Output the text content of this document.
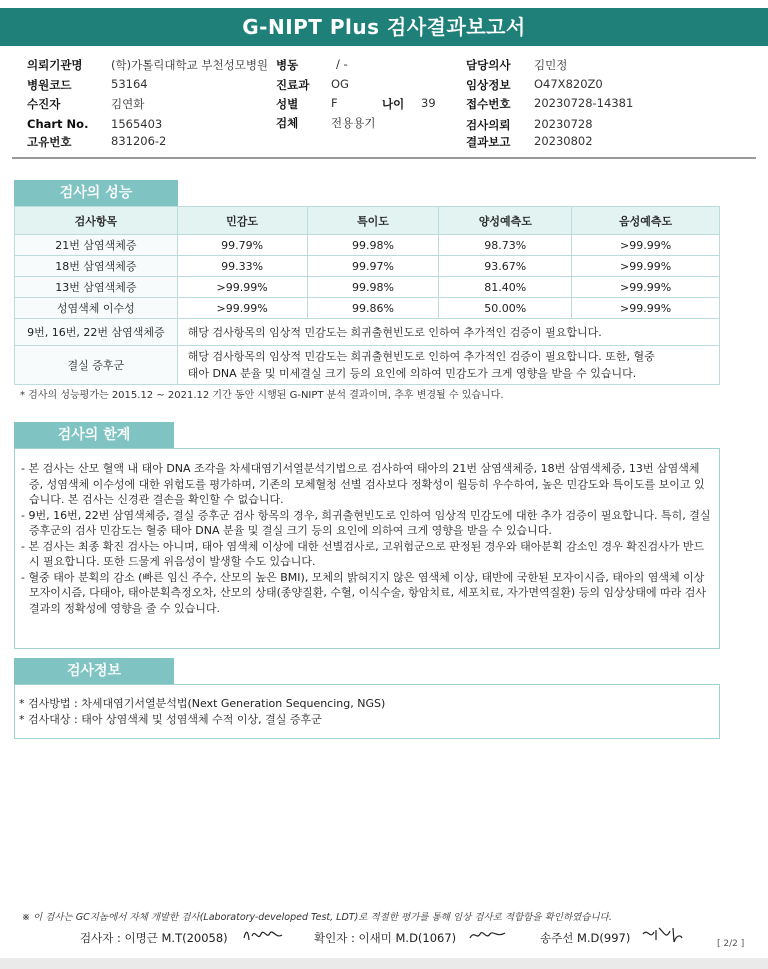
G-NIPT Plus 검사결과보고서
의뢰기관명 (학)가톨릭대학교 부천성모병원
병원코드	53164
수진자	김연화
Chart No. 1565403
고유번호	831206-2
병동	/ -
진료과 OG
성별	F	나이 39
검체	전용용기
담당의사 김민정
임상정보 O47X820Z0
접수번호 20230728-14381
검사의뢰 20230728
결과보고 20230802
검사의 성능
검사항목	민감도	특이도	양성예측도	음성예측도
21번 삼염색체증	99.79%	99.98%	98.73%	>99.99%
18번 삼염색체증	99.33%	99.97%	93.67%	>99.99%
13번 삼염색체증	>99.99%	99.98%	81.40%	>99.99%
성염색체 이수성	>99.99%	99.86%	50.00%	>99.99%
9번, 16번, 22번 삼염색체증	해당 검사항목의 임상적 민감도는 희귀출현빈도로 인하여 추가적인 검증이 필요합니다.			
결실 증후군	해당 검사항목의 임상적 민감도는 희귀출현빈도로 인하여 추가적인 검증이 필요합니다. 또한, 혈중
태아 DNA 분율 및 미세결실 크기 등의 요인에 의하여 민감도가 크게 영향을 받을 수 있습니다.			
* 검사의 성능평가는 2015.12 ~ 2021.12 기간 동안 시행된 G-NIPT 분석 결과이며, 추후 변경될 수 있습니다.
검사의 한계
- 본 검사는 산모 혈액 내 태아 DNA 조각을 차세대염기서열분석기법으로 검사하여 태아의 21번 삼염색체증, 18번 삼염색체증, 13번 삼염색체증, 성염색체 이수성에 대한 위험도를 평가하며, 기존의 모체혈청 선별 검사보다 정확성이 월등히 우수하여, 높은 민감도와 특이도를 보이고 있습니다. 본 검사는 신경관 결손을 확인할 수 없습니다.
- 9번, 16번, 22번 삼염색체증, 결실 증후군 검사 항목의 경우, 희귀출현빈도로 인하여 임상적 민감도에 대한 추가 검증이 필요합니다. 특히, 결실 증후군의 검사 민감도는 혈중 태아 DNA 분율 및 결실 크기 등의 요인에 의하여 크게 영향을 받을 수 있습니다.
- 본 검사는 최종 확진 검사는 아니며, 태아 염색체 이상에 대한 선별검사로, 고위험군으로 판정된 경우와 태아분획 감소인 경우 확진검사가 반드시 필요합니다. 또한 드물게 위음성이 발생할 수도 있습니다.
- 혈중 태아 분획의 감소 (빠른 임신 주수, 산모의 높은 BMI), 모체의 밝혀지지 않은 염색체 이상, 태반에 국한된 모자이시즘, 태아의 염색체 이상 모자이시즘, 다태아, 태아분획측정오차, 산모의 상태(종양질환, 수혈, 이식수술, 항암치료, 세포치료, 자가면역질환) 등의 임상상태에 따라 검사결과의 정확성에 영향을 줄 수 있습니다.
검사정보
* 검사방법 : 차세대염기서열분석법(Next Generation Sequencing, NGS)
* 검사대상 : 태아 상염색체 및 성염색체 수적 이상, 결실 증후군
※ 이 검사는 GC지놈에서 자체 개발한 검사(Laboratory-developed Test, LDT)로 적절한 평가를 통해 임상 검사로 적합함을 확인하였습니다.
검사자 : 이명근 M.T(20058)	확인자 : 이새미 M.D(1067)	송주선 M.D(997)	[ 2/2 ]
